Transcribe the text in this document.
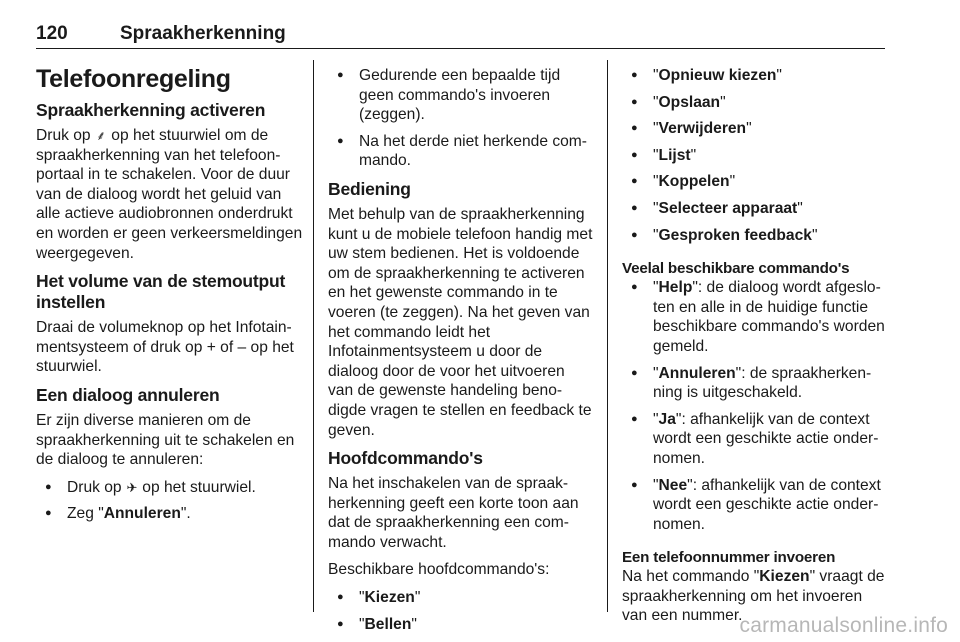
120	Spraakherkenning
Telefoonregeling
Spraakherkenning activeren

Druk op ⸙ op het stuurwiel om de spraakherkenning van het telefoonportaal in te schakelen. Voor de duur van de dialoog wordt het geluid van alle actieve audiobronnen onderdrukt en worden er geen verkeersmeldingen weergegeven.

Het volume van de stemoutput instellen

Draai de volumeknop op het Infotainmentsysteem of druk op + of – op het stuurwiel.

Een dialoog annuleren

Er zijn diverse manieren om de spraakherkenning uit te schakelen en de dialoog te annuleren:

● Druk op ✈ op het stuurwiel.
● Zeg "Annuleren".
● Gedurende een bepaalde tijd geen commando's invoeren (zeggen).
● Na het derde niet herkende commando.
Bediening

Met behulp van de spraakherkenning kunt u de mobiele telefoon handig met uw stem bedienen. Het is voldoende om de spraakherkenning te activeren en het gewenste commando in te voeren (te zeggen). Na het geven van het commando leidt het Infotainmentsysteem u door de dialoog door de voor het uitvoeren van de gewenste handeling benodigde vragen te stellen en feedback te geven.

Hoofdcommando's

Na het inschakelen van de spraakherkenning geeft een korte toon aan dat de spraakherkenning een commando verwacht.

Beschikbare hoofdcommando's:

● "Kiezen"
● "Bellen"
● "Opnieuw kiezen"
● "Opslaan"
● "Verwijderen"
● "Lijst"
● "Koppelen"
● "Selecteer apparaat"
● "Gesproken feedback"
Veelal beschikbare commando's
● "Help": de dialoog wordt afgesloten en alle in de huidige functie beschikbare commando's worden gemeld.
● "Annuleren": de spraakherkenning is uitgeschakeld.
● "Ja": afhankelijk van de context wordt een geschikte actie ondernomen.
● "Nee": afhankelijk van de context wordt een geschikte actie ondernomen.
Een telefoonnummer invoeren

Na het commando "Kiezen" vraagt de spraakherkenning om het invoeren van een nummer.

carmanualsonline.info
